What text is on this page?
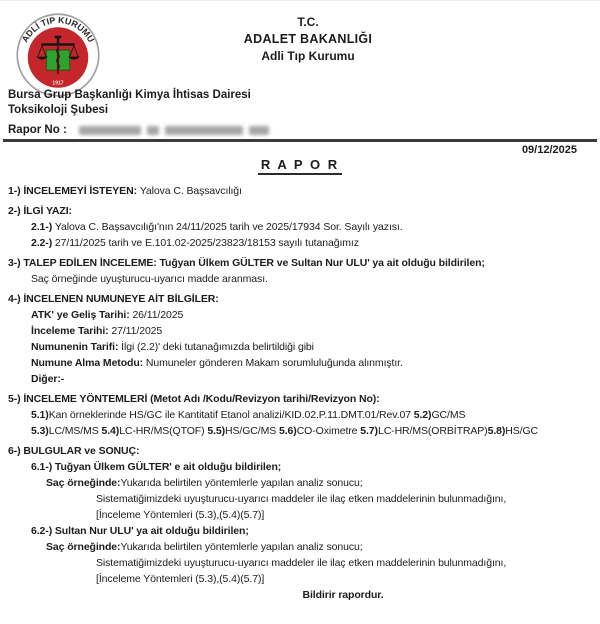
ADLİ TIP KURUMU
1917
T.C.
ADALET BAKANLIĞI
Adli Tıp Kurumu
Bursa Grup Başkanlığı Kimya İhtisas Dairesi
Toksikoloji Şubesi
Rapor No :
09/12/2025
R A P O R
1-) İNCELEMEYİ İSTEYEN: Yalova C. Başsavcılığı
2-) İLGİ YAZI:
2.1-) Yalova C. Başsavcılığı'nın 24/11/2025 tarih ve 2025/17934 Sor. Sayılı yazısı.
2.2-) 27/11/2025 tarih ve E.101.02-2025/23823/18153 sayılı tutanağımız
3-) TALEP EDİLEN İNCELEME: Tuğyan Ülkem GÜLTER ve Sultan Nur ULU' ya ait olduğu bildirilen;
Saç örneğinde uyuşturucu-uyarıcı madde aranması.
4-) İNCELENEN NUMUNEYE AİT BİLGİLER:
ATK' ye Geliş Tarihi: 26/11/2025
İnceleme Tarihi: 27/11/2025
Numunenin Tarifi: İlgi (2.2)' deki tutanağımızda belirtildiği gibi
Numune Alma Metodu: Numuneler gönderen Makam sorumluluğunda alınmıştır.
Diğer:-
5-) İNCELEME YÖNTEMLERİ (Metot Adı /Kodu/Revizyon tarihi/Revizyon No):
5.1)Kan örneklerinde HS/GC ile Kantitatif Etanol analizi/KID.02.P.11.DMT.01/Rev.07 5.2)GC/MS
5.3)LC/MS/MS 5.4)LC-HR/MS(QTOF) 5.5)HS/GC/MS 5.6)CO-Oximetre 5.7)LC-HR/MS(ORBİTRAP)5.8)HS/GC
6-) BULGULAR ve SONUÇ:
6.1-) Tuğyan Ülkem GÜLTER' e ait olduğu bildirilen;
Saç örneğinde:Yukarıda belirtilen yöntemlerle yapılan analiz sonucu;
Sistematiğimizdeki uyuşturucu-uyarıcı maddeler ile ilaç etken maddelerinin bulunmadığını,
[İnceleme Yöntemleri (5.3),(5.4)(5.7)]
6.2-) Sultan Nur ULU' ya ait olduğu bildirilen;
Saç örneğinde:Yukarıda belirtilen yöntemlerle yapılan analiz sonucu;
Sistematiğimizdeki uyuşturucu-uyarıcı maddeler ile ilaç etken maddelerinin bulunmadığını,
[İnceleme Yöntemleri (5.3),(5.4)(5.7)]
Bildirir rapordur.
